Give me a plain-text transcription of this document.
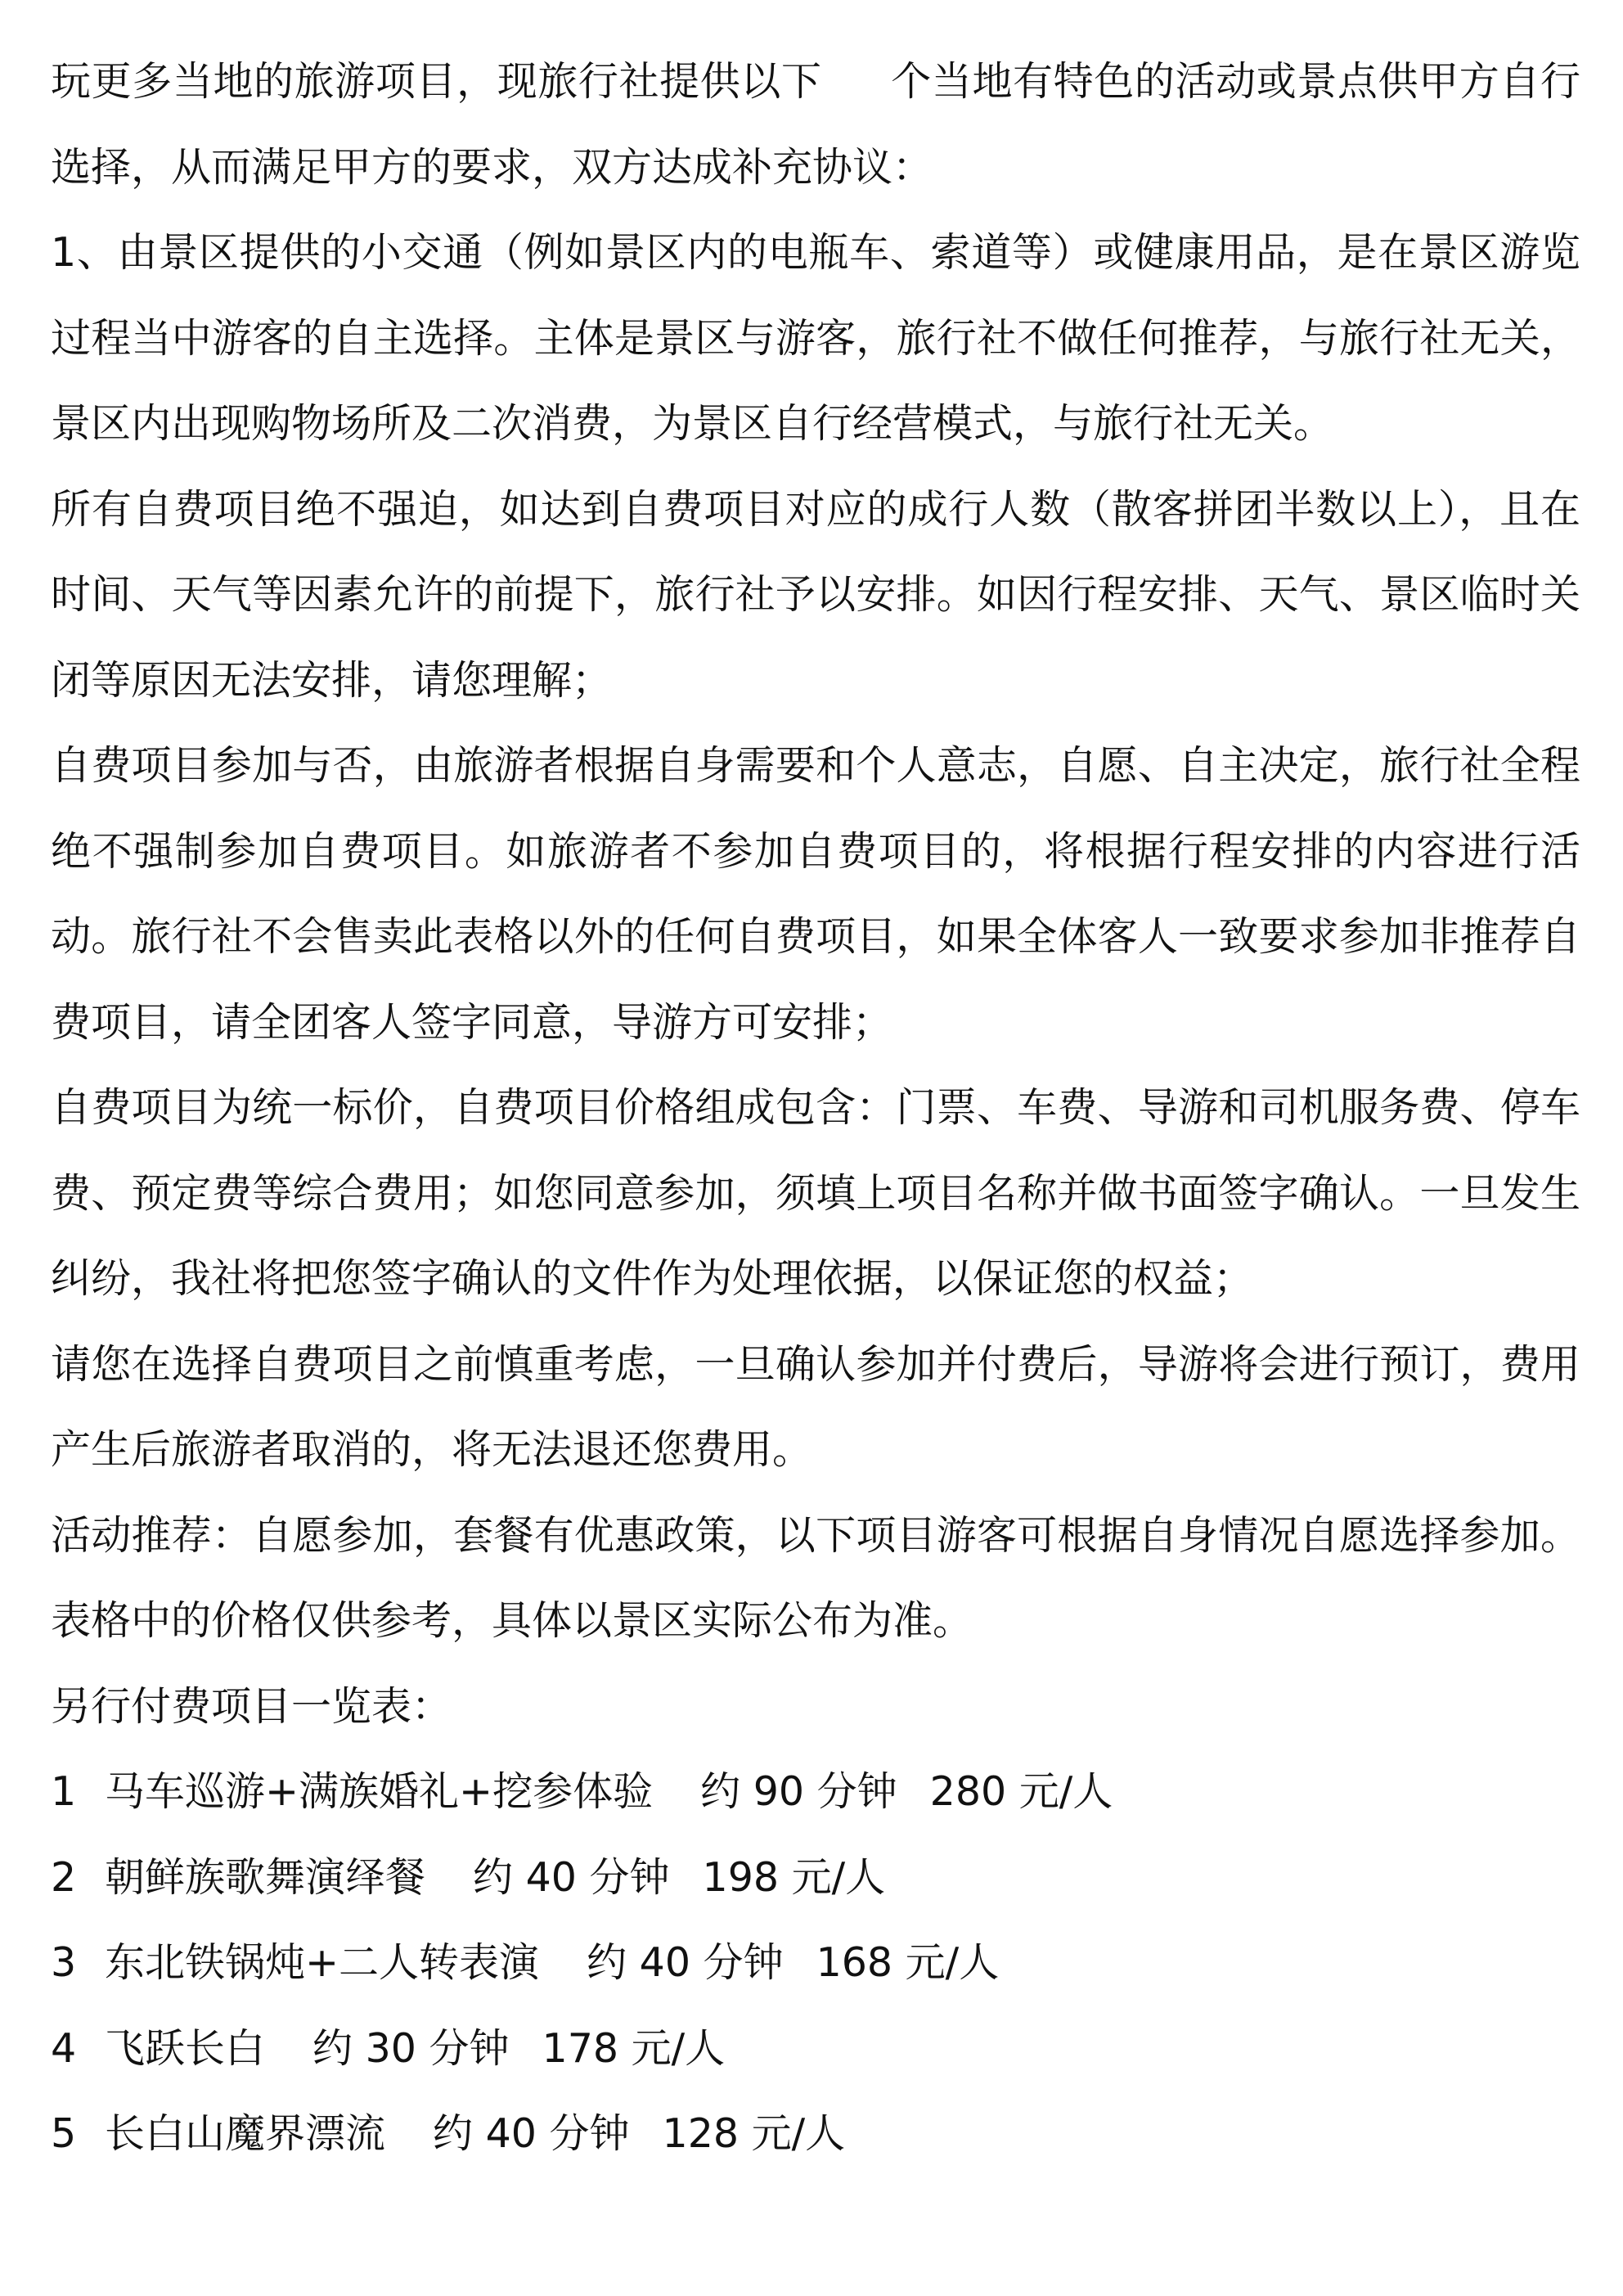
玩更多当地的旅游项目，现旅行社提供以下 个当地有特色的活动或景点供甲方自行选择，从而满足甲方的要求，双方达成补充协议：

1、由景区提供的小交通（例如景区内的电瓶车、索道等）或健康用品，是在景区游览过程当中游客的自主选择。主体是景区与游客，旅行社不做任何推荐，与旅行社无关，景区内出现购物场所及二次消费，为景区自行经营模式，与旅行社无关。

所有自费项目绝不强迫，如达到自费项目对应的成行人数（散客拼团半数以上），且在时间、天气等因素允许的前提下，旅行社予以安排。如因行程安排、天气、景区临时关闭等原因无法安排，请您理解；

自费项目参加与否，由旅游者根据自身需要和个人意志，自愿、自主决定，旅行社全程绝不强制参加自费项目。如旅游者不参加自费项目的，将根据行程安排的内容进行活动。旅行社不会售卖此表格以外的任何自费项目，如果全体客人一致要求参加非推荐自费项目，请全团客人签字同意，导游方可安排；

自费项目为统一标价，自费项目价格组成包含：门票、车费、导游和司机服务费、停车费、预定费等综合费用；如您同意参加，须填上项目名称并做书面签字确认。一旦发生纠纷，我社将把您签字确认的文件作为处理依据，以保证您的权益；

请您在选择自费项目之前慎重考虑，一旦确认参加并付费后，导游将会进行预订，费用产生后旅游者取消的，将无法退还您费用。

活动推荐：自愿参加，套餐有优惠政策，以下项目游客可根据自身情况自愿选择参加。表格中的价格仅供参考，具体以景区实际公布为准。

另行付费项目一览表：

1 马车巡游+满族婚礼+挖参体验 约 90 分钟 280 元/人
2 朝鲜族歌舞演绎餐 约 40 分钟 198 元/人
3 东北铁锅炖+二人转表演 约 40 分钟 168 元/人
4 飞跃长白 约 30 分钟 178 元/人
5 长白山魔界漂流 约 40 分钟 128 元/人
